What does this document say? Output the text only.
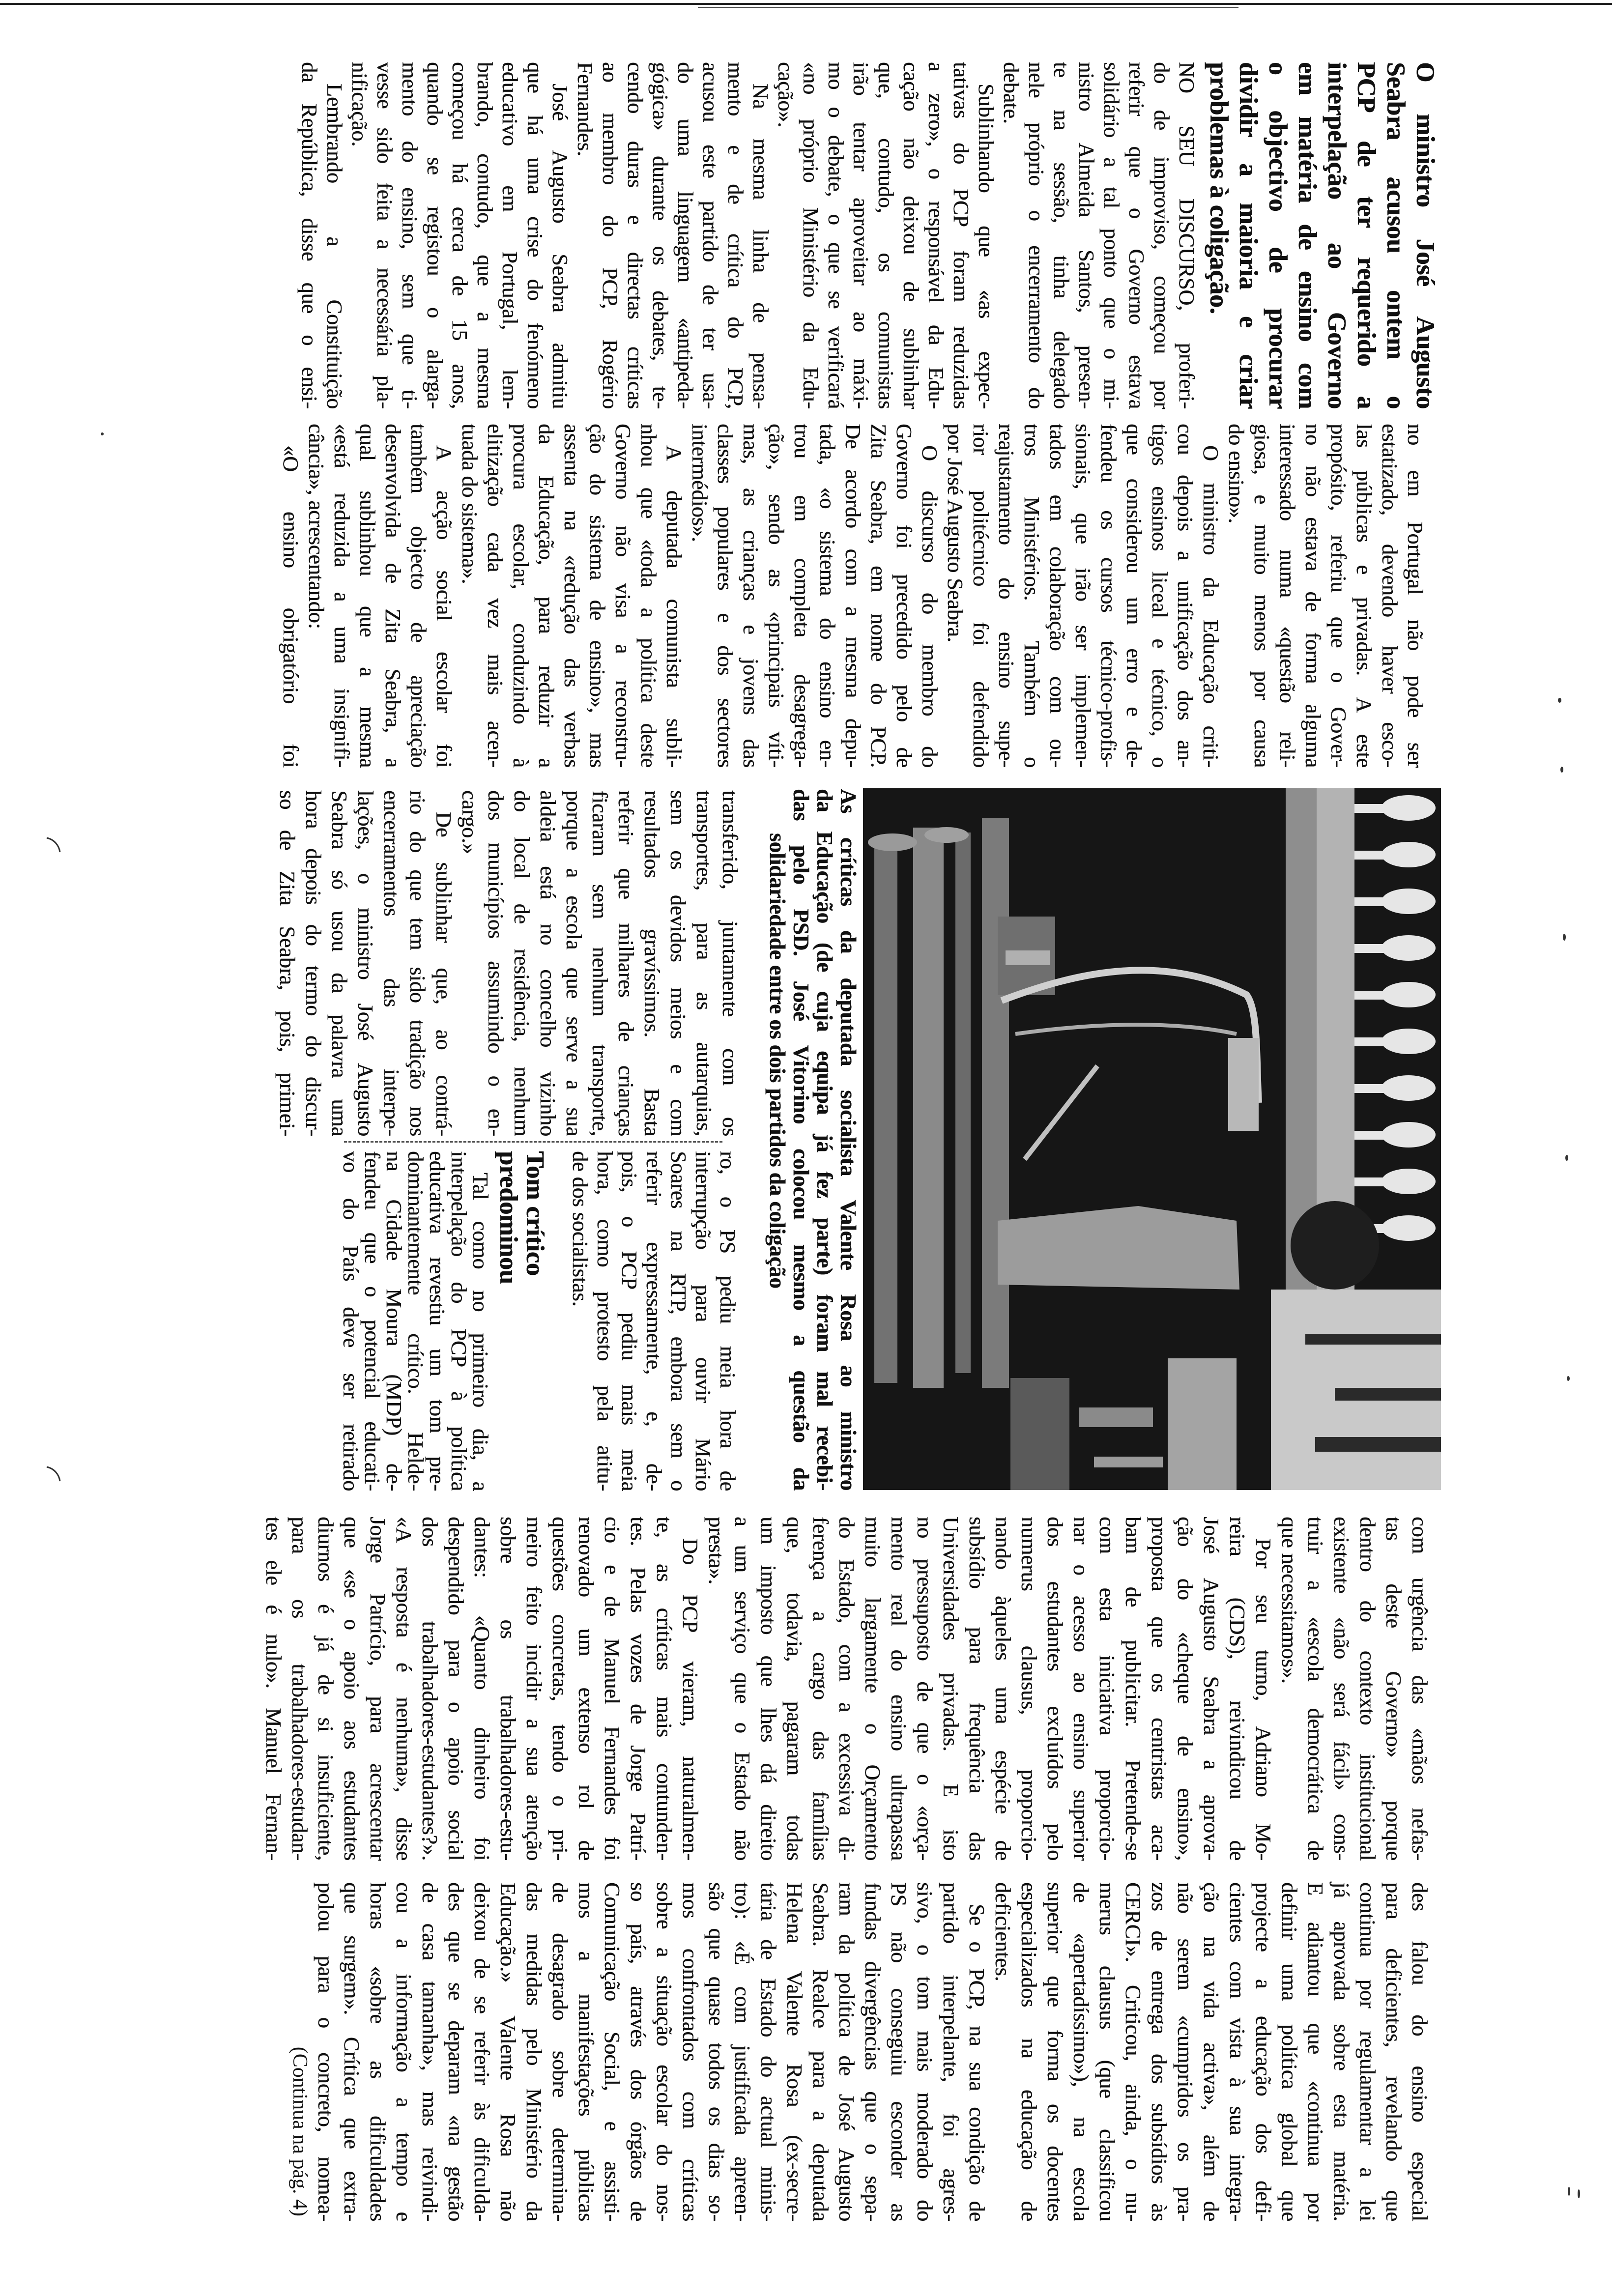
O ministro José Augusto
Seabra acusou ontem o
PCP de ter requerido a
interpelação ao Governo
em matéria de ensino com
o objectivo de procurar
dividir a maioria e criar
problemas à coligação.
NO SEU DISCURSO, proferi-
do de improviso, começou por
referir que o Governo estava
solidário a tal ponto que o mi-
nistro Almeida Santos, presen-
te na sessão, tinha delegado
nele próprio o encerramento do
debate.
Sublinhando que «as expec-
tativas do PCP foram reduzidas
a zero», o responsável da Edu-
cação não deixou de sublinhar
que, contudo, os comunistas
irão tentar aproveitar ao máxi-
mo o debate, o que se verificará
«no próprio Ministério da Edu-
cação».
Na mesma linha de pensa-
mento e de crítica do PCP,
acusou este partido de ter usa-
do uma linguagem «antipeda-
gógica» durante os debates, te-
cendo duras e directas críticas
ao membro do PCP, Rogério
Fernandes.
José Augusto Seabra admitiu
que há uma crise do fenómeno
educativo em Portugal, lem-
brando, contudo, que a mesma
começou há cerca de 15 anos,
quando se registou o alarga-
mento do ensino, sem que ti-
vesse sido feita a necessária pla-
nificação.
Lembrando a Constituição
da República, disse que o ensi-
no em Portugal não pode ser
estatizado, devendo haver esco-
las públicas e privadas. A este
propósito, referiu que o Gover-
no não estava de forma alguma
interessado numa «questão reli-
giosa, e muito menos por causa
do ensino».
O ministro da Educação criti-
cou depois a unificação dos an-
tigos ensinos liceal e técnico, o
que considerou um erro e de-
fendeu os cursos técnico-profis-
sionais, que irão ser implemen-
tados em colaboração com ou-
tros Ministérios. Também o
reajustamento do ensino supe-
rior politécnico foi defendido
por José Augusto Seabra.
O discurso do membro do
Governo foi precedido pelo de
Zita Seabra, em nome do PCP.
De acordo com a mesma depu-
tada, «o sistema do ensino en-
trou em completa desagrega-
ção», sendo as «principais víti-
mas, as crianças e jovens das
classes populares e dos sectores
intermédios».
A deputada comunista subli-
nhou que «toda a política deste
Governo não visa a reconstru-
ção do sistema de ensino», mas
assenta na «redução das verbas
da Educação, para reduzir a
procura escolar, conduzindo à
elitização cada vez mais acen-
tuada do sistema».
A acção social escolar foi
também objecto de apreciação
desenvolvida de Zita Seabra, a
qual sublinhou que a mesma
«está reduzida a uma insignifi-
cância», acrescentando:
«O ensino obrigatório foi
As críticas da deputada socialista Valente Rosa ao ministro
da Educação (de cuja equipa já fez parte) foram mal recebi-
das pelo PSD. José Vitorino colocou mesmo a questão da
solidariedade entre os dois partidos da coligação
transferido, juntamente com os
transportes, para as autarquias,
sem os devidos meios e com
resultados gravíssimos. Basta
referir que milhares de crianças
ficaram sem nenhum transporte,
porque a escola que serve a sua
aldeia está no concelho vizinho
do local de residência, nenhum
dos municípios assumindo o en-
cargo.»
De sublinhar que, ao contrá-
rio do que tem sido tradição nos
encerramentos das interpe-
lações, o ministro José Augusto
Seabra só usou da palavra uma
hora depois do termo do discur-
so de Zita Seabra, pois, primei-
ro, o PS pediu meia hora de
interrupção para ouvir Mário
Soares na RTP, embora sem o
referir expressamente, e, de-
pois, o PCP pediu mais meia
hora, como protesto pela atitu-
de dos socialistas.
Tom crítico
predominou
Tal como no primeiro dia, a
interpelação do PCP à política
educativa revestiu um tom pre-
dominantemente crítico. Helde-
na Cidade Moura (MDP) de-
fendeu que o potencial educati-
vo do País deve ser retirado
com urgência das «mãos nefas-
tas deste Governo» porque
dentro do contexto institucional
existente «não será fácil» cons-
truir a «escola democrática de
que necessitamos».
Por seu turno, Adriano Mo-
reira (CDS), reivindicou de
José Augusto Seabra a aprova-
ção do «cheque de ensino»,
proposta que os centristas aca-
bam de publicitar. Pretende-se
com esta iniciativa proporcio-
nar o acesso ao ensino superior
dos estudantes excluídos pelo
numerus clausus, proporcio-
nando àqueles uma espécie de
subsídio para frequência das
Universidades privadas. E isto
no pressuposto de que o «orça-
mento real do ensino ultrapassa
muito largamente o Orçamento
do Estado, com a excessiva di-
ferença a cargo das famílias
que, todavia, pagaram todas
um imposto que lhes dá direito
a um serviço que o Estado não
presta».
Do PCP vieram, naturalmen-
te, as críticas mais contunden-
tes. Pelas vozes de Jorge Patrí-
cio e de Manuel Fernandes foi
renovado um extenso rol de
questões concretas, tendo o pri-
meiro feito incidir a sua atenção
sobre os trabalhadores-estu-
dantes: «Quanto dinheiro foi
despendido para o apoio social
dos trabalhadores-estudantes?».
«A resposta é nenhuma», disse
Jorge Patrício, para acrescentar
que «se o apoio aos estudantes
diurnos é já de si insuficiente,
para os trabalhadores-estudan-
tes ele é nulo». Manuel Fernan-
des falou do ensino especial
para deficientes, revelando que
continua por regulamentar a lei
já aprovada sobre esta matéria.
E adiantou que «continua por
definir uma política global que
projecte a educação dos defi-
cientes com vista à sua integra-
ção na vida activa», além de
não serem «cumpridos os pra-
zos de entrega dos subsídios às
CERCI». Criticou, ainda, o nu-
merus clausus (que classificou
de «apertadíssimo»), na escola
superior que forma os docentes
especializados na educação de
deficientes.
Se o PCP, na sua condição de
partido interpelante, foi agres-
sivo, o tom mais moderado do
PS não conseguiu esconder as
fundas divergências que o sepa-
ram da política de José Augusto
Seabra. Realce para a deputada
Helena Valente Rosa (ex-secre-
tária de Estado do actual minis-
tro): «É com justificada apreen-
são que quase todos os dias so-
mos confrontados com críticas
sobre a situação escolar do nos-
so país, através dos órgãos de
Comunicação Social, e assisti-
mos a manifestações públicas
de desagrado sobre determina-
das medidas pelo Ministério da
Educação.» Valente Rosa não
deixou de se referir às dificulda-
des que se deparam «na gestão
de casa tamanha», mas reivindi-
cou a informação a tempo e
horas «sobre as dificuldades
que surgem». Crítica que extra-
polou para o concreto, nomea-
(Continua na pág. 4)
